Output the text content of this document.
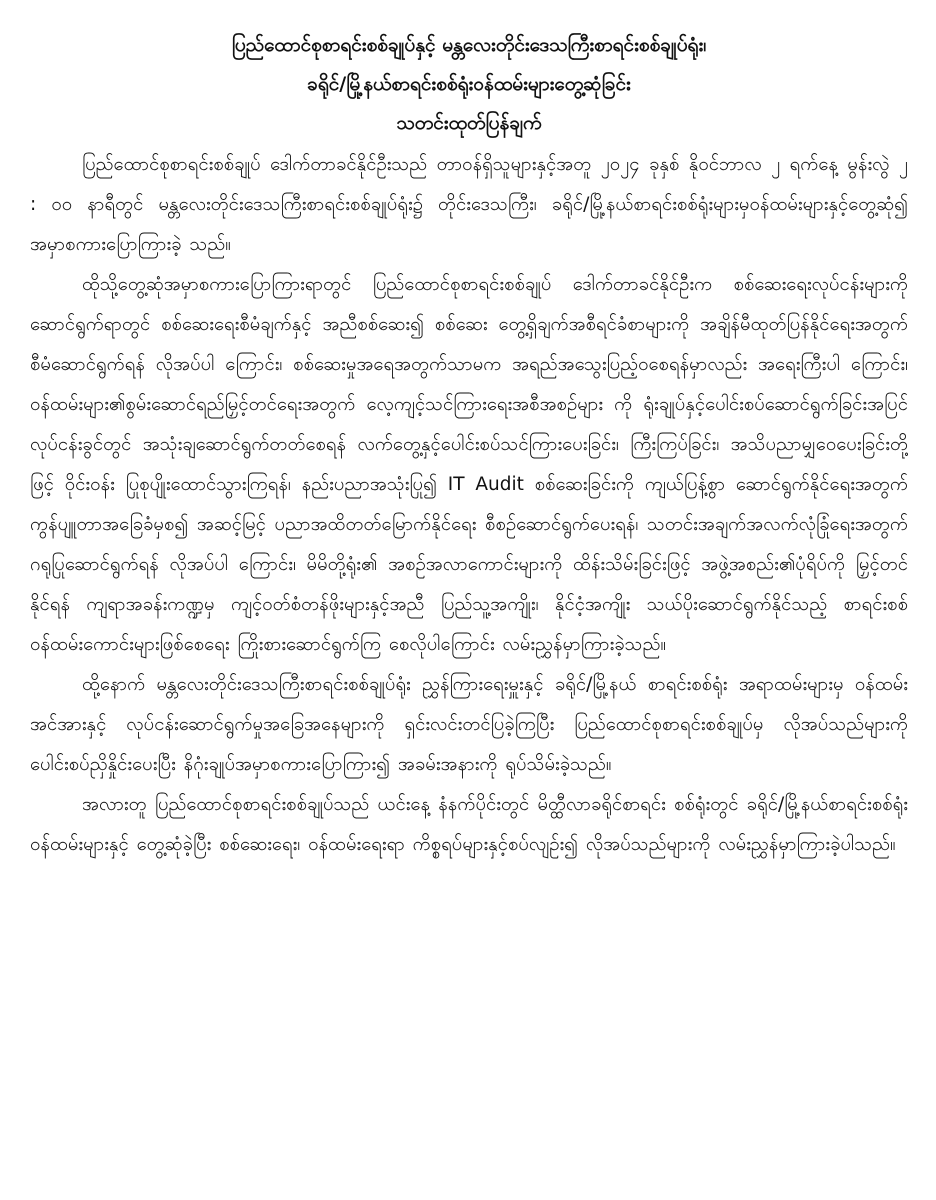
ပြည်ထောင်စုစာရင်းစစ်ချုပ်နှင့် မန္တလေးတိုင်းဒေသကြီးစာရင်းစစ်ချုပ်ရုံး၊

ခရိုင်/မြို့နယ်စာရင်းစစ်ရုံးဝန်ထမ်းများတွေ့ဆုံခြင်း

သတင်းထုတ်ပြန်ချက်

ပြည်ထောင်စုစာရင်းစစ်ချုပ် ဒေါက်တာခင်နိုင်ဦးသည် တာဝန်ရှိသူများနှင့်အတူ ၂၀၂၄ ခုနှစ် နိုဝင်ဘာလ ၂ ရက်နေ့ မွန်းလွဲ ၂ : ၀၀ နာရီတွင် မန္တလေးတိုင်းဒေသကြီးစာရင်းစစ်ချုပ်ရုံး၌ တိုင်းဒေသကြီး၊ ခရိုင်/မြို့နယ်စာရင်းစစ်ရုံးများမှဝန်ထမ်းများနှင့်တွေ့ဆုံ၍ အမှာစကားပြောကြားခဲ့ သည်။

ထိုသို့တွေ့ဆုံအမှာစကားပြောကြားရာတွင် ပြည်ထောင်စုစာရင်းစစ်ချုပ် ဒေါက်တာခင်နိုင်ဦးက စစ်ဆေးရေးလုပ်ငန်းများကို ဆောင်ရွက်ရာတွင် စစ်ဆေးရေးစီမံချက်နှင့် အညီစစ်ဆေး၍ စစ်ဆေး တွေ့ရှိချက်အစီရင်ခံစာများကို အချိန်မီထုတ်ပြန်နိုင်ရေးအတွက် စီမံဆောင်ရွက်ရန် လိုအပ်ပါ ကြောင်း၊ စစ်ဆေးမှုအရေအတွက်သာမက အရည်အသွေးပြည့်ဝစေရန်မှာလည်း အရေးကြီးပါ ကြောင်း၊ ဝန်ထမ်းများ၏စွမ်းဆောင်ရည်မြှင့်တင်ရေးအတွက် လေ့ကျင့်သင်ကြားရေးအစီအစဉ်များ ကို ရုံးချုပ်နှင့်ပေါင်းစပ်ဆောင်ရွက်ခြင်းအပြင် လုပ်ငန်းခွင်တွင် အသုံးချဆောင်ရွက်တတ်စေရန် လက်တွေ့နှင့်ပေါင်းစပ်သင်ကြားပေးခြင်း၊ ကြီးကြပ်ခြင်း၊ အသိပညာမျှဝေပေးခြင်းတို့ဖြင့် ဝိုင်းဝန်း ပြုစုပျိုးထောင်သွားကြရန်၊ နည်းပညာအသုံးပြု၍ IT Audit စစ်ဆေးခြင်းကို ကျယ်ပြန့်စွာ ဆောင်ရွက်နိုင်ရေးအတွက် ကွန်ပျူတာအခြေခံမှစ၍ အဆင့်မြင့် ပညာအထိတတ်မြောက်နိုင်ရေး စီစဉ်ဆောင်ရွက်ပေးရန်၊ သတင်းအချက်အလက်လုံခြုံရေးအတွက် ဂရုပြုဆောင်ရွက်ရန် လိုအပ်ပါ ကြောင်း၊ မိမိတို့ရုံး၏ အစဉ်အလာကောင်းများကို ထိန်းသိမ်းခြင်းဖြင့် အဖွဲ့အစည်း၏ပုံရိပ်ကို မြှင့်တင်နိုင်ရန် ကျရာအခန်းကဏ္ဍမှ ကျင့်ဝတ်စံတန်ဖိုးများနှင့်အညီ ပြည်သူ့အကျိုး၊ နိုင်ငံ့အကျိုး သယ်ပိုးဆောင်ရွက်နိုင်သည့် စာရင်းစစ်ဝန်ထမ်းကောင်းများဖြစ်စေရေး ကြိုးစားဆောင်ရွက်ကြ စေလိုပါကြောင်း လမ်းညွှန်မှာကြားခဲ့သည်။

ထို့နောက် မန္တလေးတိုင်းဒေသကြီးစာရင်းစစ်ချုပ်ရုံး ညွှန်ကြားရေးမှူးနှင့် ခရိုင်/မြို့နယ် စာရင်းစစ်ရုံး အရာထမ်းများမှ ဝန်ထမ်းအင်အားနှင့် လုပ်ငန်းဆောင်ရွက်မှုအခြေအနေများကို ရှင်းလင်းတင်ပြခဲ့ကြပြီး ပြည်ထောင်စုစာရင်းစစ်ချုပ်မှ လိုအပ်သည်များကို ပေါင်းစပ်ညှိနှိုင်းပေးပြီး နိဂုံးချုပ်အမှာစကားပြောကြား၍ အခမ်းအနားကို ရုပ်သိမ်းခဲ့သည်။

အလားတူ ပြည်ထောင်စုစာရင်းစစ်ချုပ်သည် ယင်းနေ့ နံနက်ပိုင်းတွင် မိတ္ထီလာခရိုင်စာရင်း စစ်ရုံးတွင် ခရိုင်/မြို့နယ်စာရင်းစစ်ရုံးဝန်ထမ်းများနှင့် တွေ့ဆုံခဲ့ပြီး စစ်ဆေးရေး၊ ဝန်ထမ်းရေးရာ ကိစ္စရပ်များနှင့်စပ်လျဉ်း၍ လိုအပ်သည်များကို လမ်းညွှန်မှာကြားခဲ့ပါသည်။
